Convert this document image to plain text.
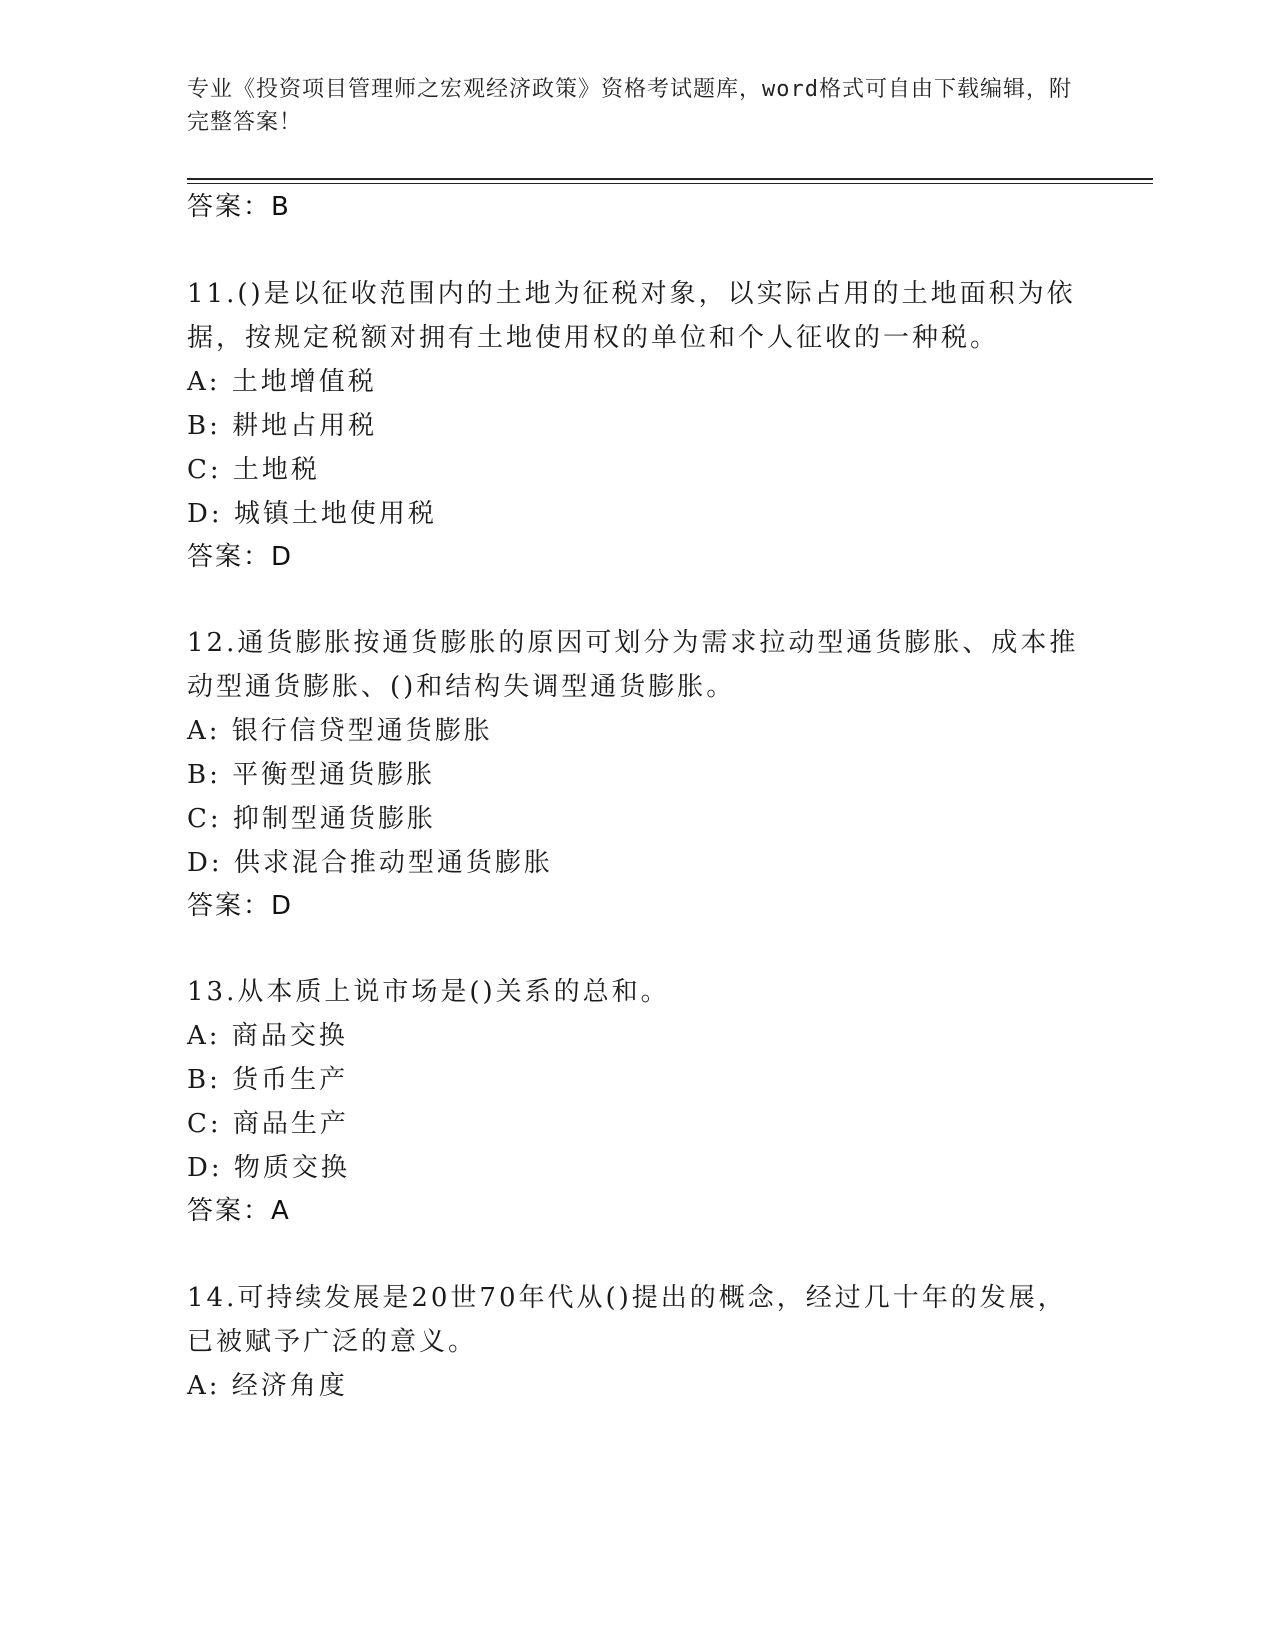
专业《投资项目管理师之宏观经济政策》资格考试题库，word格式可自由下载编辑，附完整答案！
答案：B
11.()是以征收范围内的土地为征税对象，以实际占用的土地面积为依
据，按规定税额对拥有土地使用权的单位和个人征收的一种税。
A: 土地增值税
B: 耕地占用税
C: 土地税
D: 城镇土地使用税
答案：D
12.通货膨胀按通货膨胀的原因可划分为需求拉动型通货膨胀、成本推
动型通货膨胀、()和结构失调型通货膨胀。
A: 银行信贷型通货膨胀
B: 平衡型通货膨胀
C: 抑制型通货膨胀
D: 供求混合推动型通货膨胀
答案：D
13.从本质上说市场是()关系的总和。
A: 商品交换
B: 货币生产
C: 商品生产
D: 物质交换
答案：A
14.可持续发展是20世70年代从()提出的概念，经过几十年的发展，
已被赋予广泛的意义。
A: 经济角度
